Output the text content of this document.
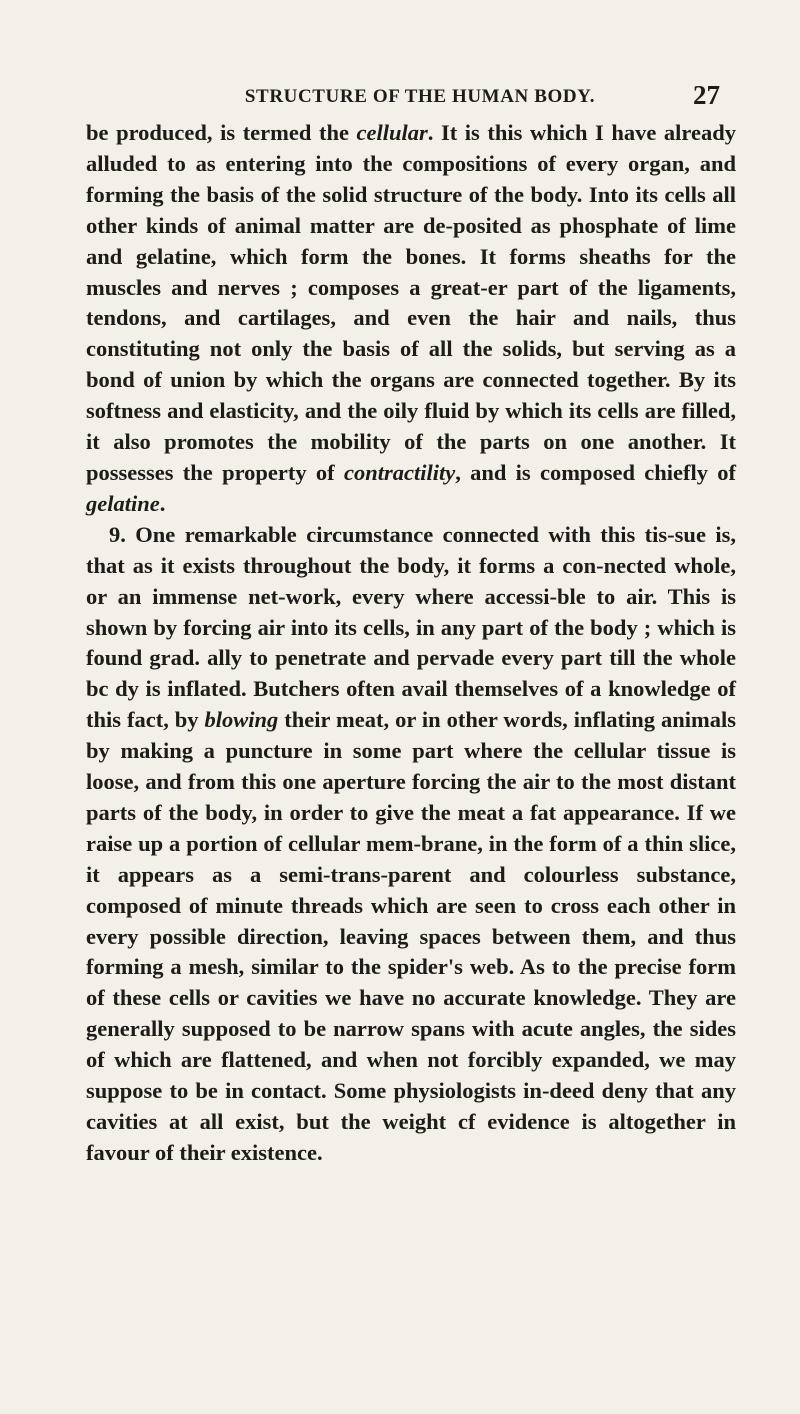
STRUCTURE OF THE HUMAN BODY.	27

be produced, is termed the cellular. It is this which I have already alluded to as entering into the compositions of every organ, and forming the basis of the solid structure of the body. Into its cells all other kinds of animal matter are de-posited as phosphate of lime and gelatine, which form the bones. It forms sheaths for the muscles and nerves ; composes a great-er part of the ligaments, tendons, and cartilages, and even the hair and nails, thus constituting not only the basis of all the solids, but serving as a bond of union by which the organs are connected together. By its softness and elasticity, and the oily fluid by which its cells are filled, it also promotes the mobility of the parts on one another. It possesses the property of contractility, and is composed chiefly of gelatine.

9. One remarkable circumstance connected with this tis-sue is, that as it exists throughout the body, it forms a con-nected whole, or an immense net-work, every where accessi-ble to air. This is shown by forcing air into its cells, in any part of the body ; which is found grad. ally to penetrate and pervade every part till the whole bc dy is inflated. Butchers often avail themselves of a knowledge of this fact, by blowing their meat, or in other words, inflating animals by making a puncture in some part where the cellular tissue is loose, and from this one aperture forcing the air to the most distant parts of the body, in order to give the meat a fat appearance. If we raise up a portion of cellular mem-brane, in the form of a thin slice, it appears as a semi-trans-parent and colourless substance, composed of minute threads which are seen to cross each other in every possible direction, leaving spaces between them, and thus forming a mesh, similar to the spider's web. As to the precise form of these cells or cavities we have no accurate knowledge. They are generally supposed to be narrow spans with acute angles, the sides of which are flattened, and when not forcibly expanded, we may suppose to be in contact. Some physiologists in-deed deny that any cavities at all exist, but the weight cf evidence is altogether in favour of their existence.
